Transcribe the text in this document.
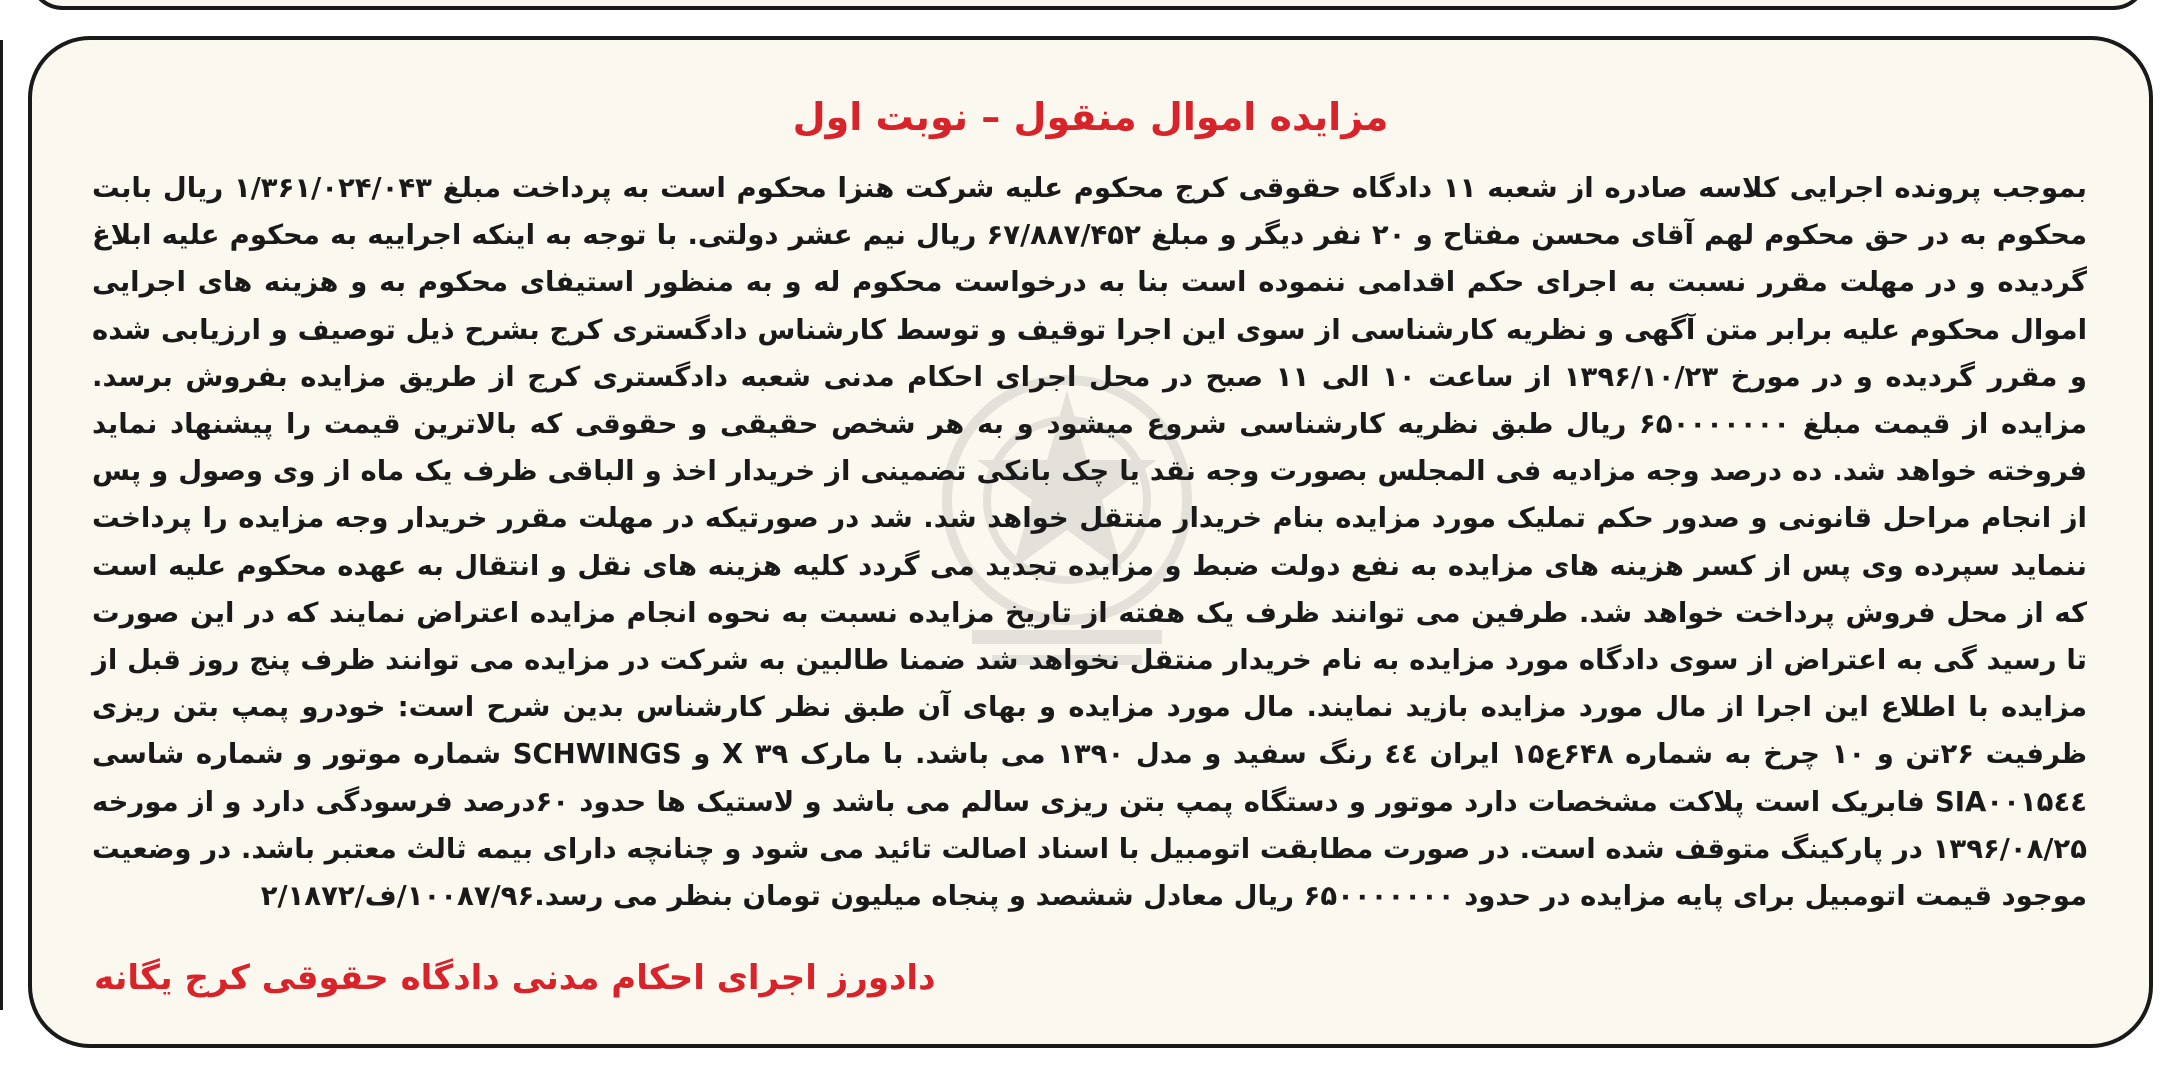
مزایده اموال منقول – نوبت اول

بموجب پرونده اجرایی کلاسه صادره از شعبه ۱۱ دادگاه حقوقی کرج محکوم علیه شرکت هنزا محکوم است به پرداخت مبلغ ۱/۳۶۱/۰۲۴/۰۴۳ ریال بابت محکوم به در حق محکوم لهم آقای محسن مفتاح و ۲۰ نفر دیگر و مبلغ ۶۷/۸۸۷/۴۵۲ ریال نیم عشر دولتی. با توجه به اینکه اجراییه به محکوم علیه ابلاغ گردیده و در مهلت مقرر نسبت به اجرای حکم اقدامی ننموده است بنا به درخواست محکوم له و به منظور استیفای محکوم به و هزینه های اجرایی اموال محکوم علیه برابر متن آگهی و نظریه کارشناسی از سوی این اجرا توقیف و توسط کارشناس دادگستری کرج بشرح ذیل توصیف و ارزیابی شده و مقرر گردیده و در مورخ ۱۳۹۶/۱۰/۲۳ از ساعت ۱۰ الی ۱۱ صبح در محل اجرای احکام مدنی شعبه دادگستری کرج از طریق مزایده بفروش برسد. مزایده از قیمت مبلغ ۶۵۰۰۰۰۰۰۰ ریال طبق نظریه کارشناسی شروع میشود و به هر شخص حقیقی و حقوقی که بالاترین قیمت را پیشنهاد نماید فروخته خواهد شد. ده درصد وجه مزادیه فی المجلس بصورت وجه نقد یا چک بانکی تضمینی از خریدار اخذ و الباقی ظرف یک ماه از وی وصول و پس از انجام مراحل قانونی و صدور حکم تملیک مورد مزایده بنام خریدار منتقل خواهد شد. شد در صورتیکه در مهلت مقرر خریدار وجه مزایده را پرداخت ننماید سپرده وی پس از کسر هزینه های مزایده به نفع دولت ضبط و مزایده تجدید می گردد کلیه هزینه های نقل و انتقال به عهده محکوم علیه است که از محل فروش پرداخت خواهد شد. طرفین می توانند ظرف یک هفته از تاریخ مزایده نسبت به نحوه انجام مزایده اعتراض نمایند که در این صورت تا رسید گی به اعتراض از سوی دادگاه مورد مزایده به نام خریدار منتقل نخواهد شد ضمنا طالبین به شرکت در مزایده می توانند ظرف پنج روز قبل از مزایده با اطلاع این اجرا از مال مورد مزایده بازید نمایند. مال مورد مزایده و بهای آن طبق نظر کارشناس بدین شرح است: خودرو پمپ بتن ریزی ظرفیت ۲۶تن و ۱۰ چرخ به شماره ۶۴۸ع۱۵ ایران ٤٤ رنگ سفید و مدل ۱۳۹۰ می باشد. با مارک X ۳۹ و SCHWINGS شماره موتور و شماره شاسی SIA۰۰۱۵٤٤ فابریک است پلاکت مشخصات دارد موتور و دستگاه پمپ بتن ریزی سالم می باشد و لاستیک ها حدود ۶۰درصد فرسودگی دارد و از مورخه ۱۳۹۶/۰۸/۲۵ در پارکینگ متوقف شده است. در صورت مطابقت اتومبیل با اسناد اصالت تائید می شود و چنانچه دارای بیمه ثالث معتبر باشد. در وضعیت موجود قیمت اتومبیل برای پایه مزایده در حدود ۶۵۰۰۰۰۰۰۰ ریال معادل ششصد و پنجاه میلیون تومان بنظر می رسد.۱۰۰۸۷/۹۶/ف/۲/۱۸۷۲

دادورز اجرای احکام مدنی دادگاه حقوقی کرج یگانه
